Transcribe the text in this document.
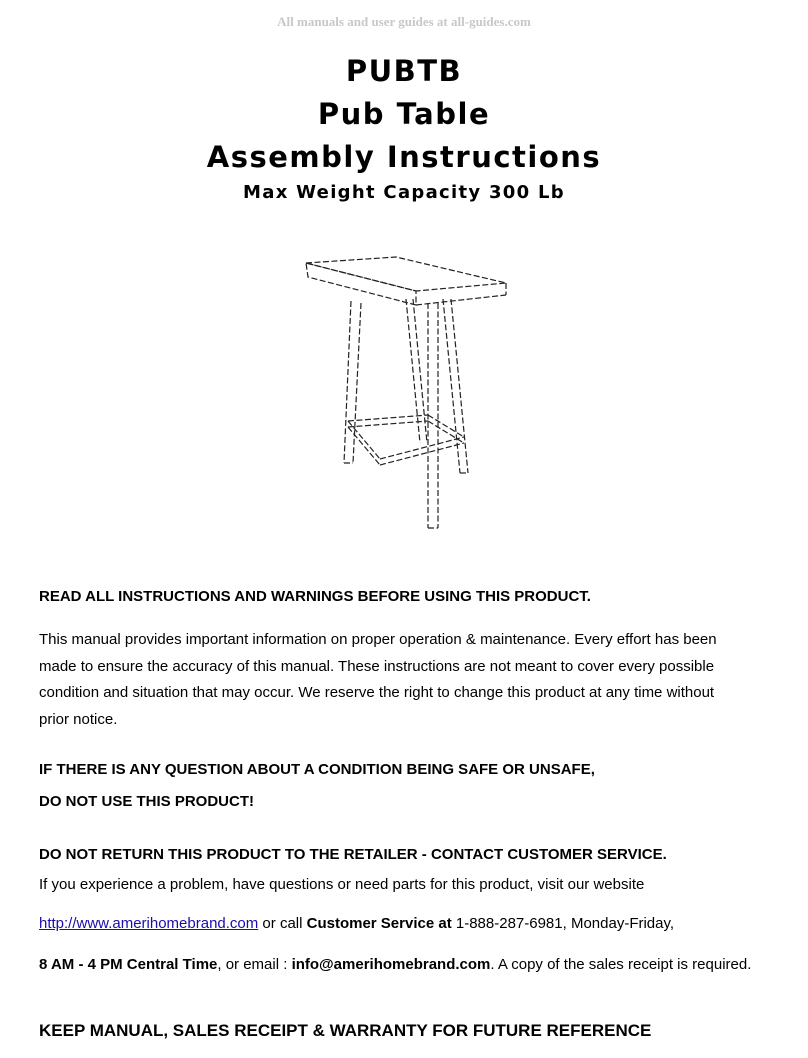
All manuals and user guides at all-guides.com
PUBTB
Pub Table
Assembly Instructions
Max Weight Capacity 300 Lb
READ ALL INSTRUCTIONS AND WARNINGS BEFORE USING THIS PRODUCT.
This manual provides important information on proper operation & maintenance. Every effort has been
made to ensure the accuracy of this manual. These instructions are not meant to cover every possible
condition and situation that may occur. We reserve the right to change this product at any time without
prior notice.
IF THERE IS ANY QUESTION ABOUT A CONDITION BEING SAFE OR UNSAFE,
DO NOT USE THIS PRODUCT!
DO NOT RETURN THIS PRODUCT TO THE RETAILER - CONTACT CUSTOMER SERVICE.
If you experience a problem, have questions or need parts for this product, visit our website
http://www.amerihomebrand.com or call Customer Service at 1-888-287-6981, Monday-Friday,
8 AM - 4 PM Central Time, or email : info@amerihomebrand.com. A copy of the sales receipt is required.
KEEP MANUAL, SALES RECEIPT & WARRANTY FOR FUTURE REFERENCE
